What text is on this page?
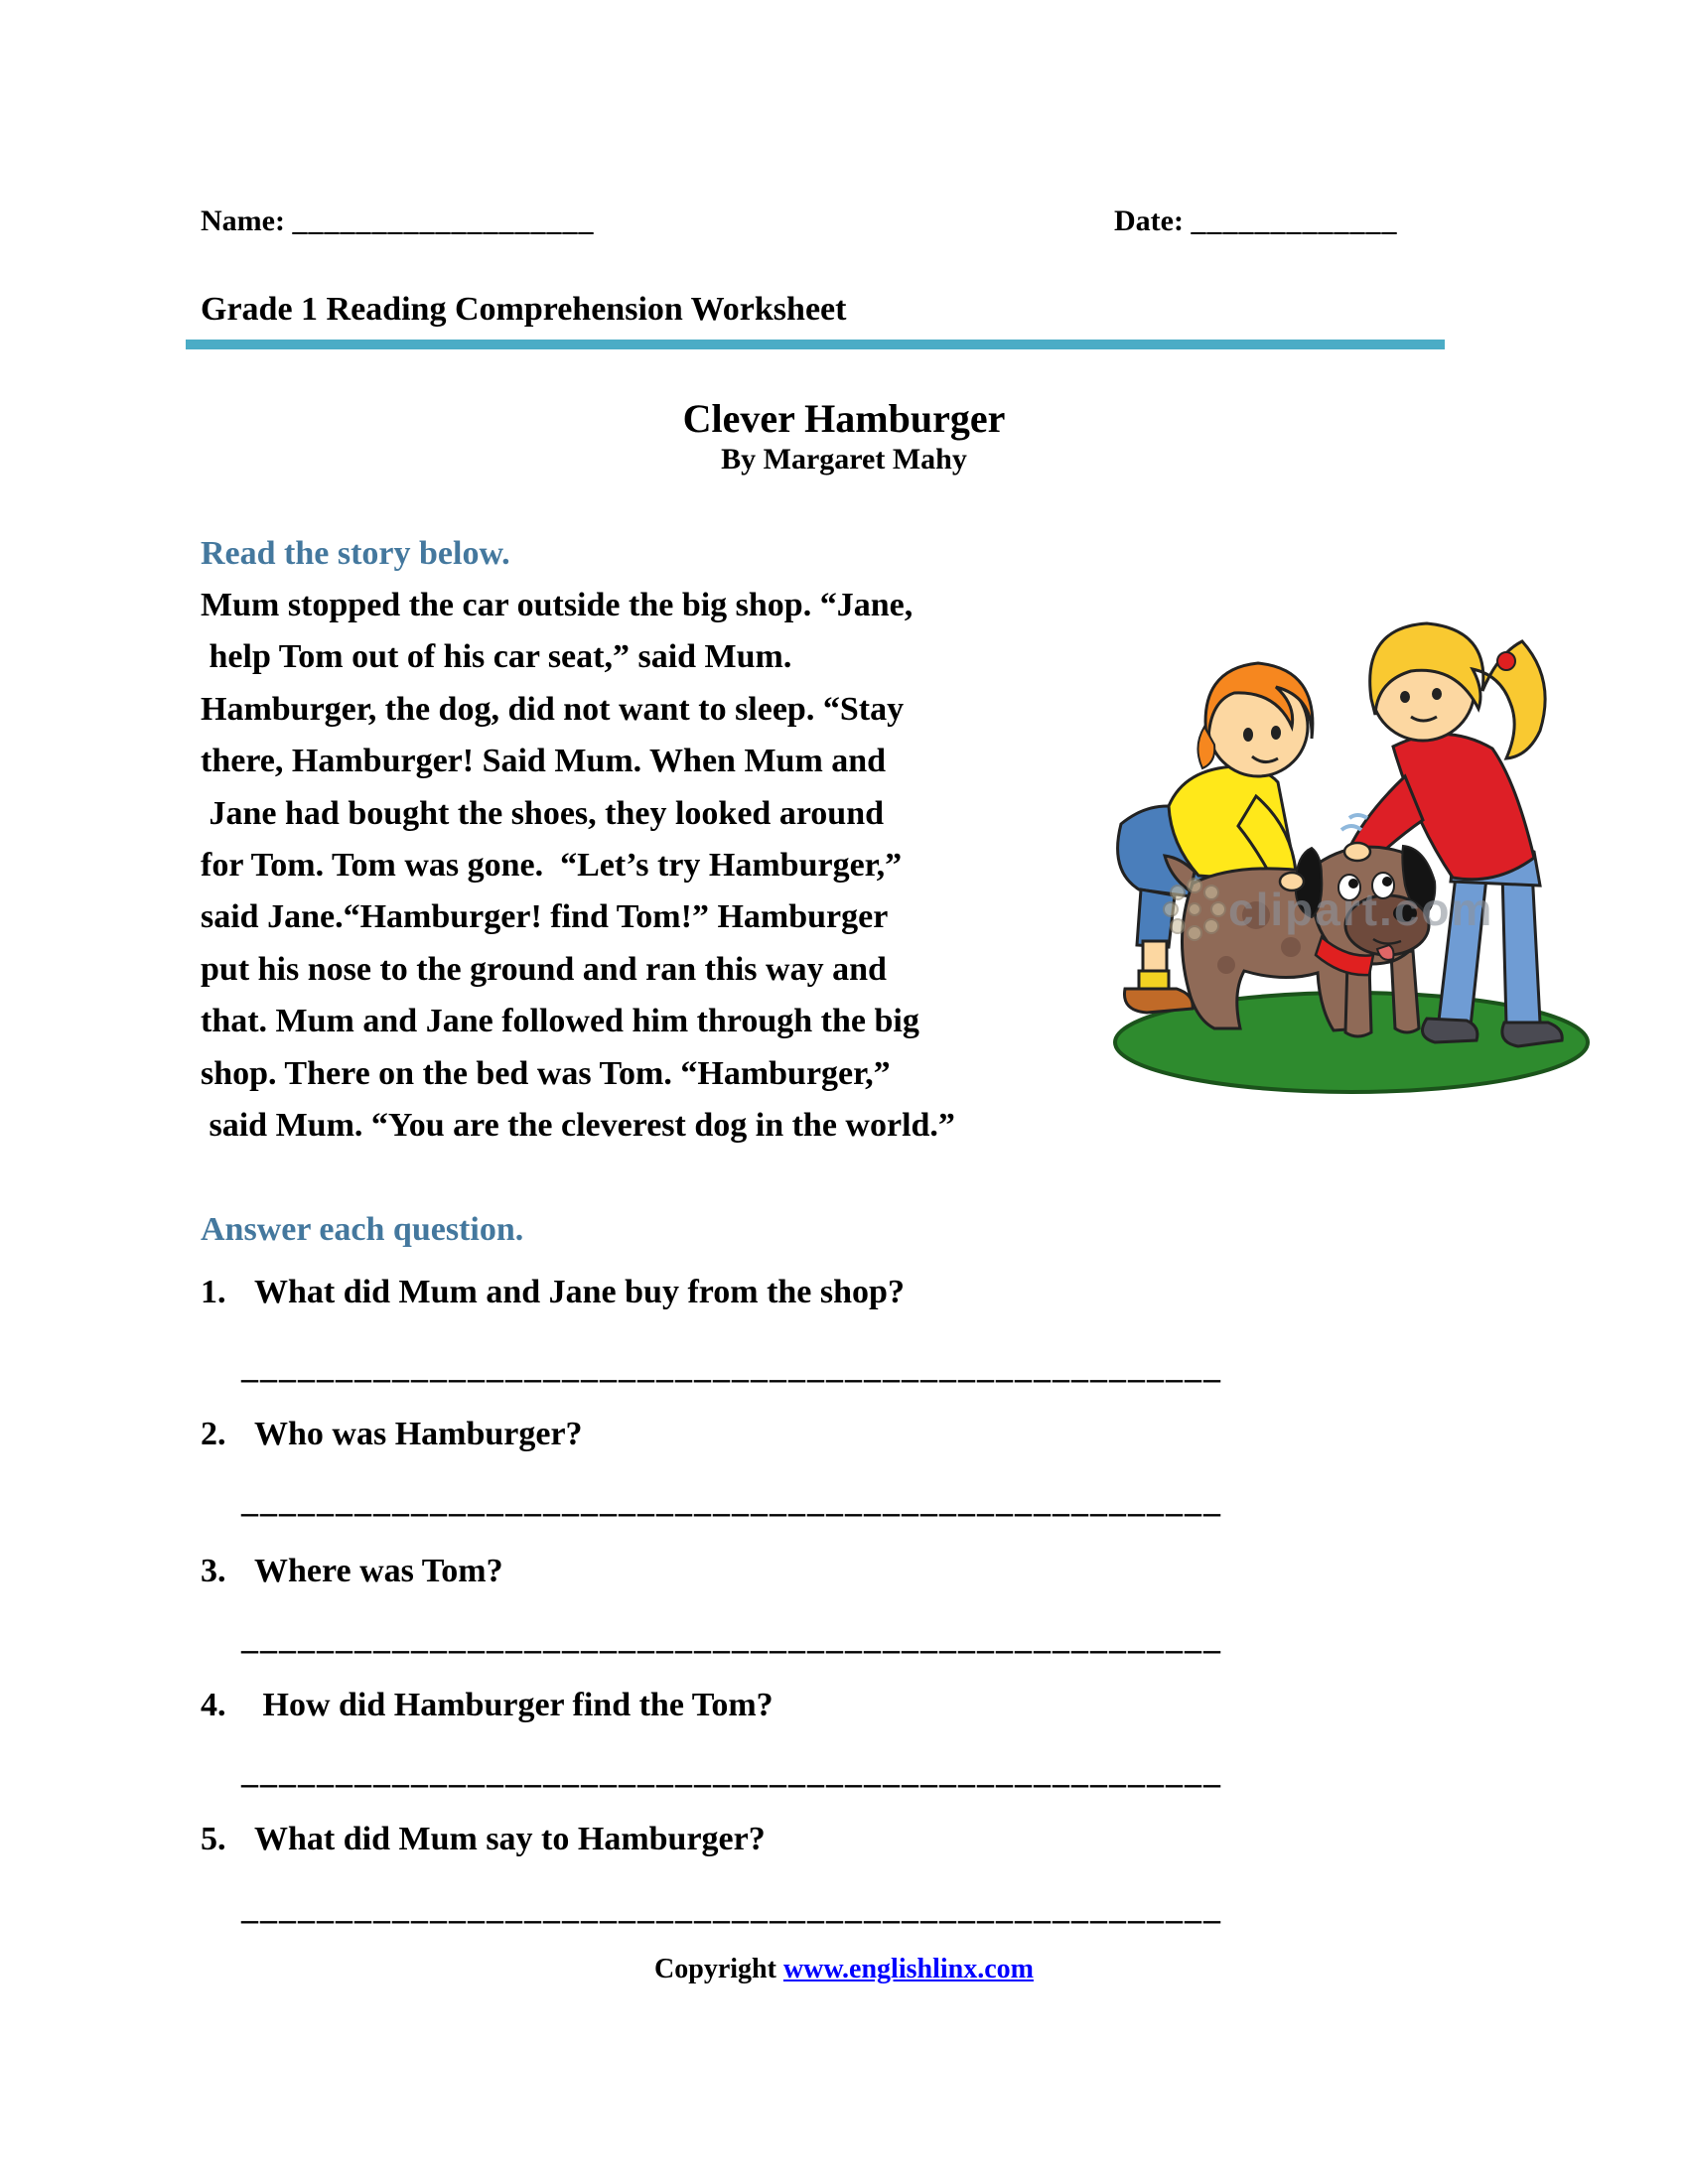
Name: ___________________	Date: _____________
Grade 1 Reading Comprehension Worksheet
Clever Hamburger
By Margaret Mahy
Read the story below.
Mum stopped the car outside the big shop. “Jane,
help Tom out of his car seat,” said Mum.
Hamburger, the dog, did not want to sleep. “Stay
there, Hamburger! Said Mum. When Mum and
Jane had bought the shoes, they looked around
for Tom. Tom was gone.  “Let’s try Hamburger,”
said Jane.“Hamburger! find Tom!” Hamburger
put his nose to the ground and ran this way and
that. Mum and Jane followed him through the big
shop. There on the bed was Tom. “Hamburger,”
said Mum. “You are the cleverest dog in the world.”
clipart.com
Answer each question.
1. What did Mum and Jane buy from the shop?
____________________________________________________
2. Who was Hamburger?
____________________________________________________
3. Where was Tom?
____________________________________________________
4. How did Hamburger find the Tom?
____________________________________________________
5. What did Mum say to Hamburger?
____________________________________________________
Copyright www.englishlinx.com
